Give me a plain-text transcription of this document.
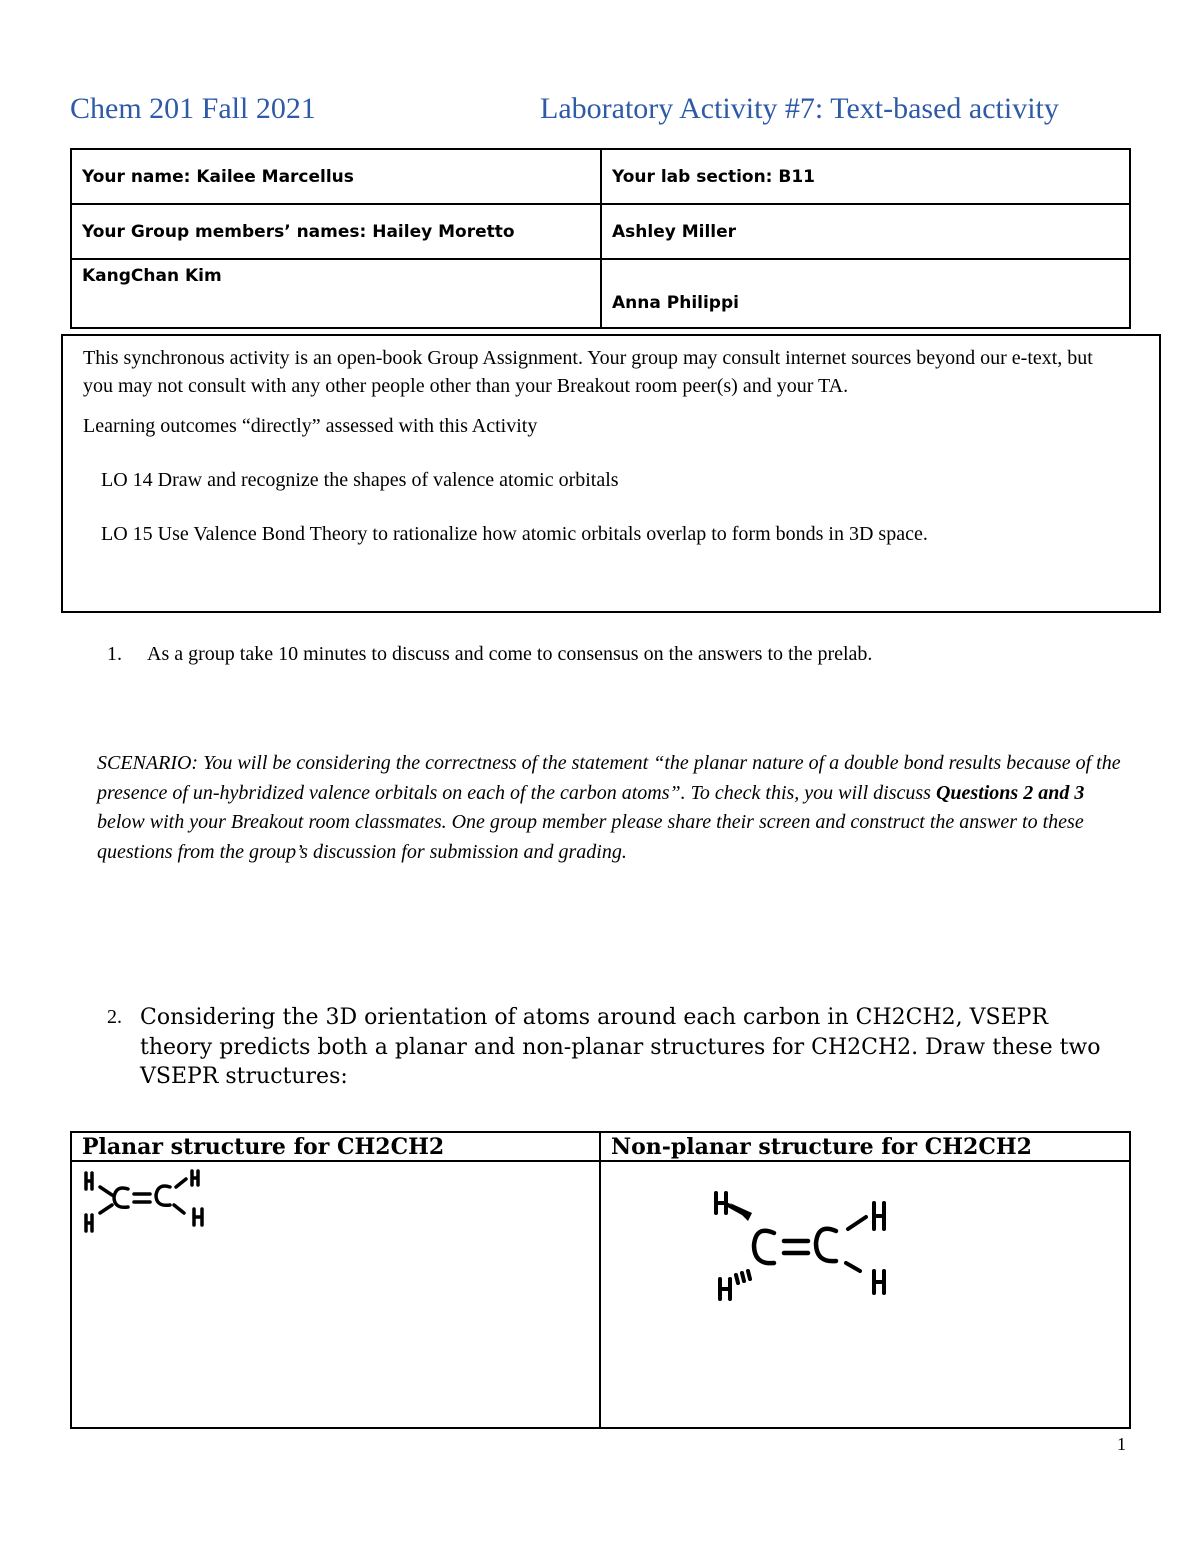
Chem 201 Fall 2021	Laboratory Activity #7: Text-based activity
Your name: Kailee Marcellus	Your lab section: B11
Your Group members’ names: Hailey Moretto	Ashley Miller
KangChan Kim	Anna Philippi

This synchronous activity is an open-book Group Assignment. Your group may consult internet sources beyond our e-text, but you may not consult with any other people other than your Breakout room peer(s) and your TA.

Learning outcomes “directly” assessed with this Activity

LO 14 Draw and recognize the shapes of valence atomic orbitals

LO 15 Use Valence Bond Theory to rationalize how atomic orbitals overlap to form bonds in 3D space.

1. As a group take 10 minutes to discuss and come to consensus on the answers to the prelab.
SCENARIO: You will be considering the correctness of the statement “the planar nature of a double bond results because of the presence of un-hybridized valence orbitals on each of the carbon atoms”. To check this, you will discuss Questions 2 and 3 below with your Breakout room classmates. One group member please share their screen and construct the answer to these questions from the group’s discussion for submission and grading.
2. Considering the 3D orientation of atoms around each carbon in CH2CH2, VSEPR theory predicts both a planar and non-planar structures for CH2CH2. Draw these two VSEPR structures:
Planar structure for CH2CH2	Non-planar structure for CH2CH2
1
